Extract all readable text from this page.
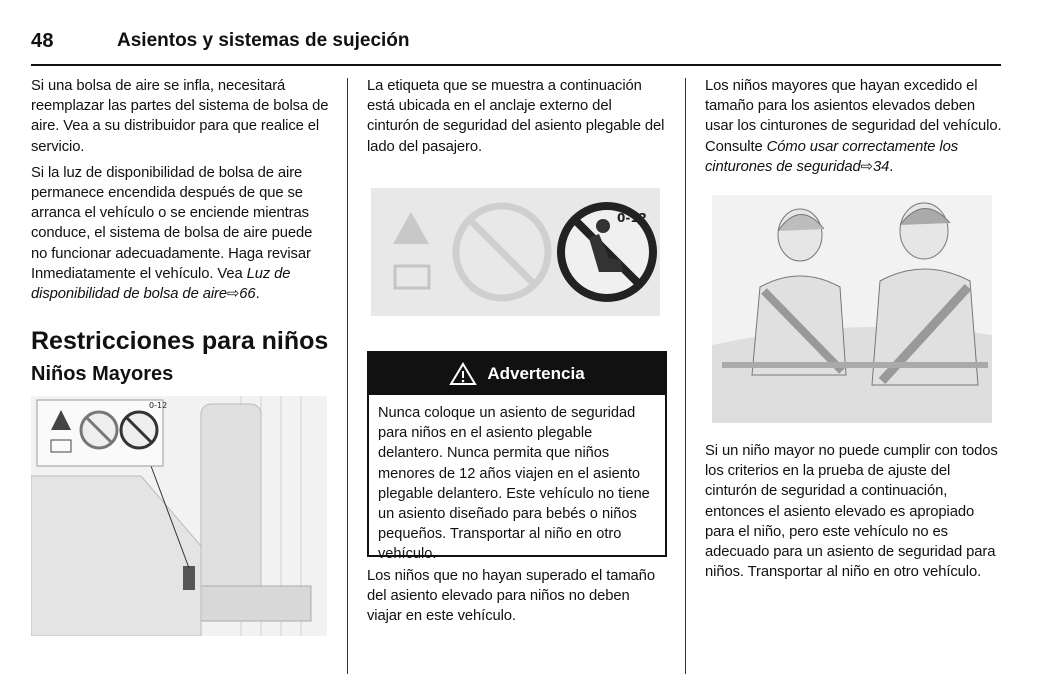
48	Asientos y sistemas de sujeción

Si una bolsa de aire se infla, necesitará reemplazar las partes del sistema de bolsa de aire. Vea a su distribuidor para que realice el servicio.

Si la luz de disponibilidad de bolsa de aire permanece encendida después de que se arranca el vehículo o se enciende mientras conduce, el sistema de bolsa de aire puede no funcionar adecuadamente. Haga revisar Inmediatamente el vehículo. Vea Luz de disponibilidad de bolsa de aire⇨66.

Restricciones para niños
Niños Mayores
0-12

La etiqueta que se muestra a continuación está ubicada en el anclaje externo del cinturón de seguridad del asiento plegable del lado del pasajero.

0-12
Advertencia
Nunca coloque un asiento de seguridad para niños en el asiento plegable delantero. Nunca permita que niños menores de 12 años viajen en el asiento plegable delantero. Este vehículo no tiene un asiento diseñado para bebés o niños pequeños. Transportar al niño en otro vehículo.

Los niños que no hayan superado el tamaño del asiento elevado para niños no deben viajar en este vehículo.

Los niños mayores que hayan excedido el tamaño para los asientos elevados deben usar los cinturones de seguridad del vehículo. Consulte Cómo usar correctamente los cinturones de seguridad⇨34.

Si un niño mayor no puede cumplir con todos los criterios en la prueba de ajuste del cinturón de seguridad a continuación, entonces el asiento elevado es apropiado para el niño, pero este vehículo no es adecuado para un asiento de seguridad para niños. Transportar al niño en otro vehículo.
